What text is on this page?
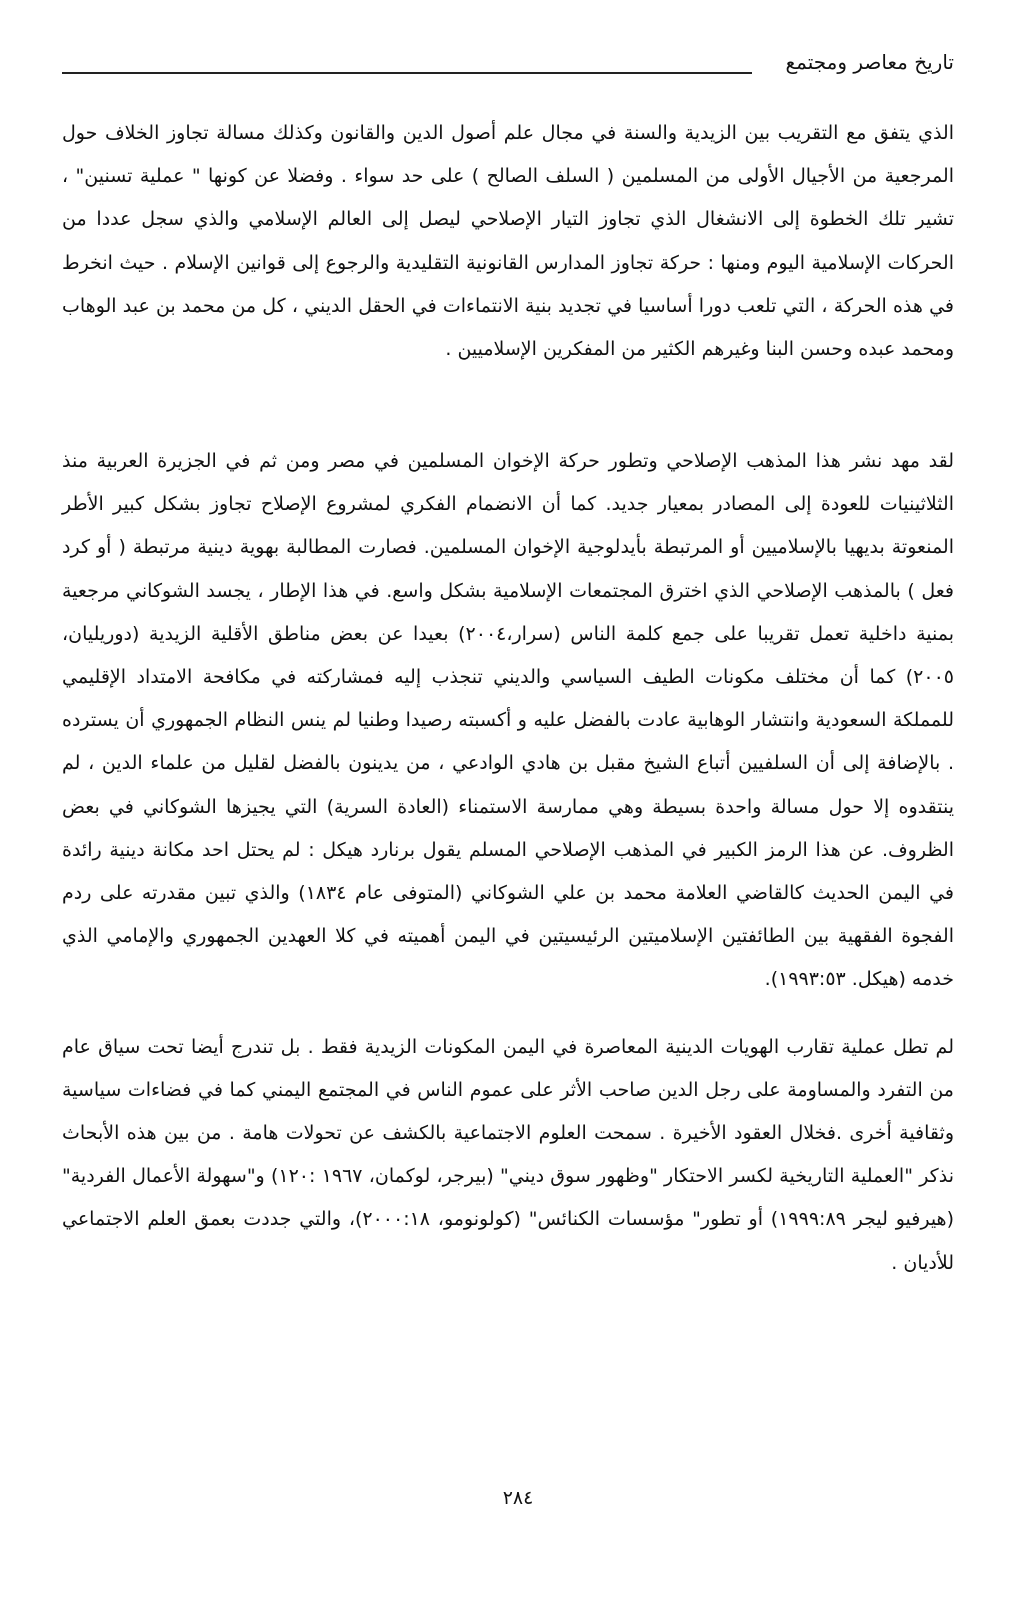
تاريخ معاصر ومجتمع

الذي يتفق مع التقريب بين الزيدية والسنة في مجال علم أصول الدين والقانون وكذلك مسالة تجاوز الخلاف حول المرجعية من الأجيال الأولى من المسلمين ( السلف الصالح ) على حد سواء . وفضلا عن كونها " عملية تسنين" ، تشير تلك الخطوة إلى الانشغال الذي تجاوز التيار الإصلاحي ليصل إلى العالم الإسلامي والذي سجل عددا من الحركات الإسلامية اليوم ومنها : حركة تجاوز المدارس القانونية التقليدية والرجوع إلى قوانين الإسلام . حيث انخرط في هذه الحركة ، التي تلعب دورا أساسيا في تجديد بنية الانتماءات في الحقل الديني ، كل من محمد بن عبد الوهاب ومحمد عبده وحسن البنا وغيرهم الكثير من المفكرين الإسلاميين .

لقد مهد نشر هذا المذهب الإصلاحي وتطور حركة الإخوان المسلمين في مصر ومن ثم في الجزيرة العربية منذ الثلاثينيات للعودة إلى المصادر بمعيار جديد. كما أن الانضمام الفكري لمشروع الإصلاح تجاوز بشكل كبير الأطر المنعوتة بديهيا بالإسلاميين أو المرتبطة بأيدلوجية الإخوان المسلمين. فصارت المطالبة بهوية دينية مرتبطة ( أو كرد فعل ) بالمذهب الإصلاحي الذي اخترق المجتمعات الإسلامية بشكل واسع. في هذا الإطار ، يجسد الشوكاني مرجعية بمنية داخلية تعمل تقريبا على جمع كلمة الناس (سرار،٢٠٠٤) بعيدا عن بعض مناطق الأقلية الزيدية (دوريليان، ٢٠٠٥) كما أن مختلف مكونات الطيف السياسي والديني تنجذب إليه فمشاركته في مكافحة الامتداد الإقليمي للمملكة السعودية وانتشار الوهابية عادت بالفضل عليه و أكسبته رصيدا وطنيا لم ينس النظام الجمهوري أن يسترده . بالإضافة إلى أن السلفيين أتباع الشيخ مقبل بن هادي الوادعي ، من يدينون بالفضل لقليل من علماء الدين ، لم ينتقدوه إلا حول مسالة واحدة بسيطة وهي ممارسة الاستمناء (العادة السرية) التي يجيزها الشوكاني في بعض الظروف. عن هذا الرمز الكبير في المذهب الإصلاحي المسلم يقول برنارد هيكل : لم يحتل احد مكانة دينية رائدة في اليمن الحديث كالقاضي العلامة محمد بن علي الشوكاني (المتوفى عام ١٨٣٤) والذي تبين مقدرته على ردم الفجوة الفقهية بين الطائفتين الإسلاميتين الرئيسيتين في اليمن أهميته في كلا العهدين الجمهوري والإمامي الذي خدمه (هيكل. ١٩٩٣:٥٣).

لم تطل عملية تقارب الهويات الدينية المعاصرة في اليمن المكونات الزيدية فقط . بل تندرج أيضا تحت سياق عام من التفرد والمساومة على رجل الدين صاحب الأثر على عموم الناس في المجتمع اليمني كما في فضاءات سياسية وثقافية أخرى .فخلال العقود الأخيرة . سمحت العلوم الاجتماعية بالكشف عن تحولات هامة . من بين هذه الأبحاث نذكر "العملية التاريخية لكسر الاحتكار "وظهور سوق ديني" (بيرجر، لوكمان، ١٩٦٧ :١٢٠) و"سهولة الأعمال الفردية" (هيرفيو ليجر ١٩٩٩:٨٩) أو تطور" مؤسسات الكنائس" (كولونومو، ٢٠٠٠:١٨)، والتي جددت بعمق العلم الاجتماعي للأديان .

٢٨٤
